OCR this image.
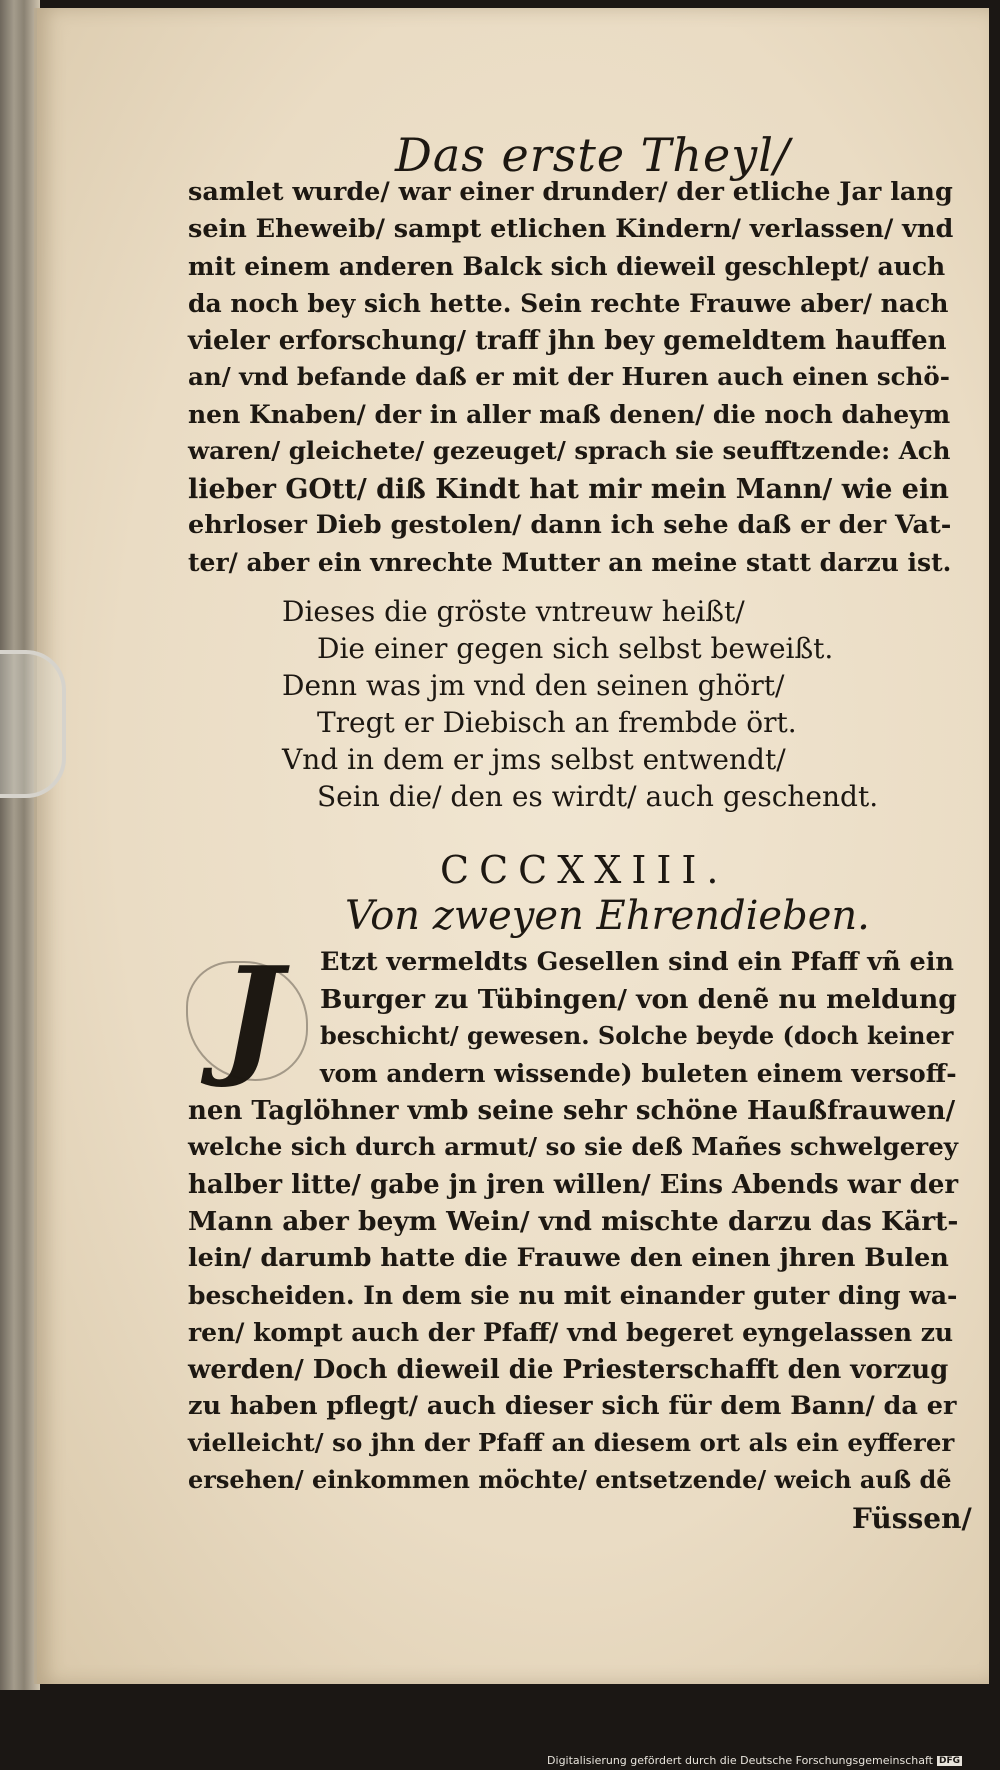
Das erste Theyl/
samlet wurde/ war einer drunder/ der etliche Jar lang
sein Eheweib/ sampt etlichen Kindern/ verlassen/ vnd
mit einem anderen Balck sich dieweil geschlept/ auch
da noch bey sich hette. Sein rechte Frauwe aber/ nach
vieler erforschung/ traff jhn bey gemeldtem hauffen
an/ vnd befande daß er mit der Huren auch einen schö-
nen Knaben/ der in aller maß denen/ die noch daheym
waren/ gleichete/ gezeuget/ sprach sie seufftzende: Ach
lieber GOtt/ diß Kindt hat mir mein Mann/ wie ein
ehrloser Dieb gestolen/ dann ich sehe daß er der Vat-
ter/ aber ein vnrechte Mutter an meine statt darzu ist.
Dieses die gröste vntreuw heißt/
Die einer gegen sich selbst beweißt.
Denn was jm vnd den seinen ghört/
Tregt er Diebisch an frembde ört.
Vnd in dem er jms selbst entwendt/
Sein die/ den es wirdt/ auch geschendt.
CCCXXIII.
Von zweyen Ehrendieben.
J	Etzt vermeldts Gesellen sind ein Pfaff vñ ein
Burger zu Tübingen/ von denẽ nu meldung
beschicht/ gewesen. Solche beyde (doch keiner
vom andern wissende) buleten einem versoff-
nen Taglöhner vmb seine sehr schöne Haußfrauwen/
welche sich durch armut/ so sie deß Mañes schwelgerey
halber litte/ gabe jn jren willen/ Eins Abends war der
Mann aber beym Wein/ vnd mischte darzu das Kärt-
lein/ darumb hatte die Frauwe den einen jhren Bulen
bescheiden. In dem sie nu mit einander guter ding wa-
ren/ kompt auch der Pfaff/ vnd begeret eyngelassen zu
werden/ Doch dieweil die Priesterschafft den vorzug
zu haben pflegt/ auch dieser sich für dem Bann/ da er
vielleicht/ so jhn der Pfaff an diesem ort als ein eyfferer
ersehen/ einkommen möchte/ entsetzende/ weich auß dẽ
Füssen/
Digitalisierung gefördert durch die Deutsche Forschungsgemeinschaft DFG
